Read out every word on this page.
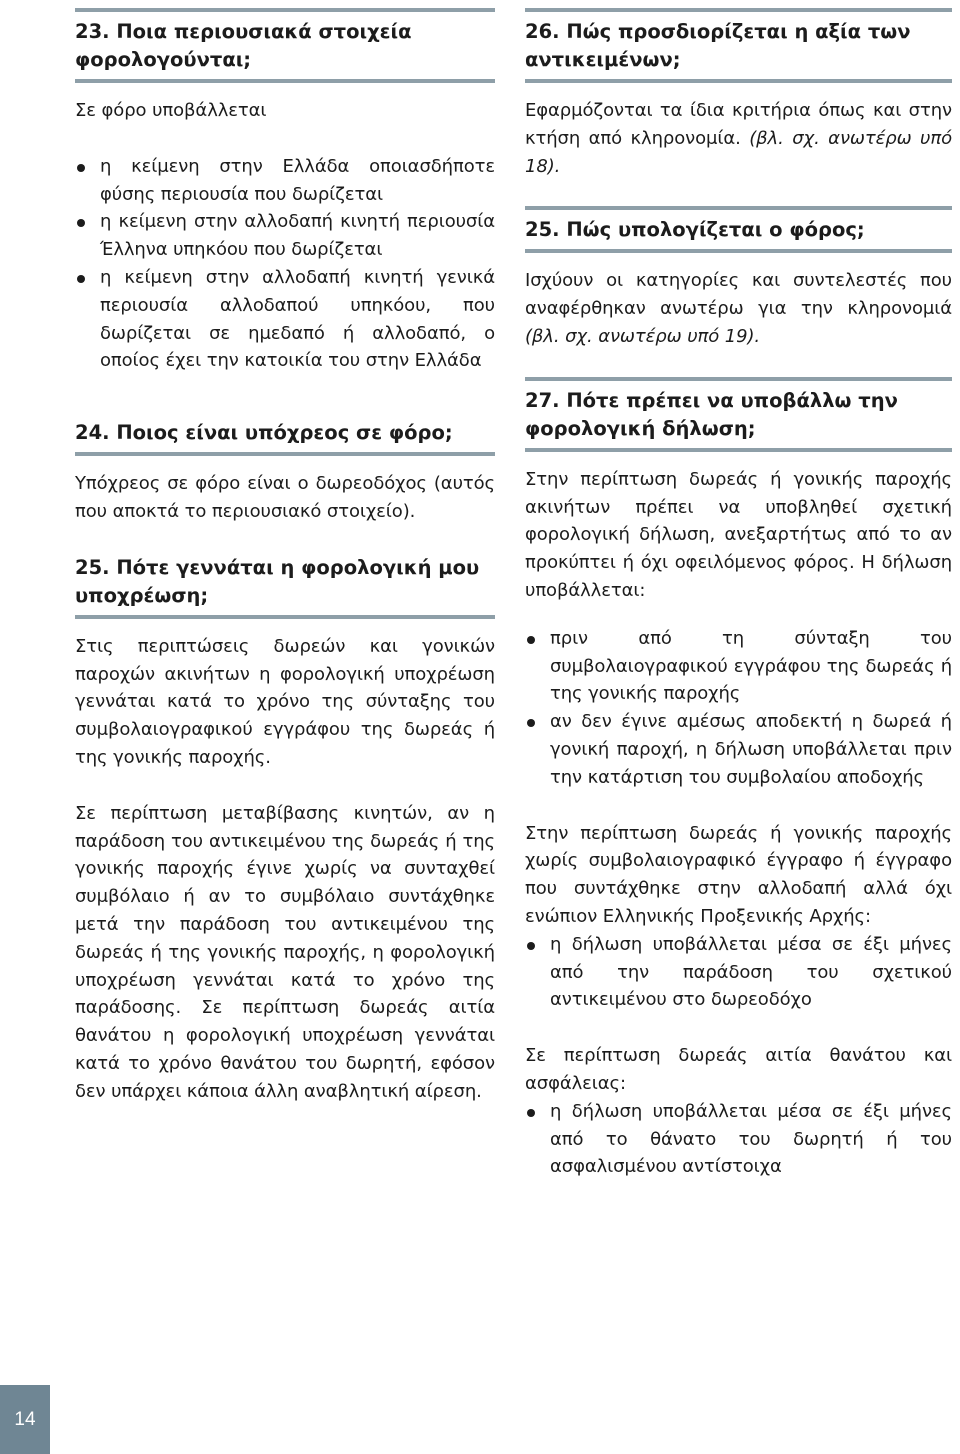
23. Ποια περιουσιακά στοιχεία φορολογούνται;

Σε φόρο υποβάλλεται

η κείμενη στην Ελλάδα οποιασδήποτε φύσης περιουσία που δωρίζεται
η κείμενη στην αλλοδαπή κινητή περιουσία Έλληνα υπηκόου που δωρίζεται
η κείμενη στην αλλοδαπή κινητή γενικά περιουσία αλλοδαπού υπηκόου, που δωρίζεται σε ημεδαπό ή αλλοδαπό, ο οποίος έχει την κατοικία του στην Ελλάδα
24. Ποιος είναι υπόχρεος σε φόρο;

Υπόχρεος σε φόρο είναι ο δωρεοδόχος (αυτός που αποκτά το περιουσιακό στοιχείο).

25. Πότε γεννάται η φορολογική μου υποχρέωση;

Στις περιπτώσεις δωρεών και γονικών παροχών ακινήτων η φορολογική υποχρέωση γεννάται κατά το χρόνο της σύνταξης του συμβολαιογραφικού εγγράφου της δωρεάς ή της γονικής παροχής.

Σε περίπτωση μεταβίβασης κινητών, αν η παράδοση του αντικειμένου της δωρεάς ή της γονικής παροχής έγινε χωρίς να συνταχθεί συμβόλαιο ή αν το συμβόλαιο συντάχθηκε μετά την παράδοση του αντικειμένου της δωρεάς ή της γονικής παροχής, η φορολογική υποχρέωση γεννάται κατά το χρόνο της παράδοσης. Σε περίπτωση δωρεάς αιτία θανάτου η φορολογική υποχρέωση γεννάται κατά το χρόνο θανάτου του δωρητή, εφόσον δεν υπάρχει κάποια άλλη αναβλητική αίρεση.

26. Πώς προσδιορίζεται η αξία των αντικειμένων;

Εφαρμόζονται τα ίδια κριτήρια όπως και στην κτήση από κληρονομία. (βλ. σχ. ανωτέρω υπό 18).

25. Πώς υπολογίζεται ο φόρος;

Ισχύουν οι κατηγορίες και συντελεστές που αναφέρθηκαν ανωτέρω για την κληρονομιά (βλ. σχ. ανωτέρω υπό 19).

27. Πότε πρέπει να υποβάλλω την φορολογική δήλωση;

Στην περίπτωση δωρεάς ή γονικής παροχής ακινήτων πρέπει να υποβληθεί σχετική φορολογική δήλωση, ανεξαρτήτως από το αν προκύπτει ή όχι οφειλόμενος φόρος. Η δήλωση υποβάλλεται:

πριν από τη σύνταξη του συμβολαιογραφικού εγγράφου της δωρεάς ή της γονικής παροχής
αν δεν έγινε αμέσως αποδεκτή η δωρεά ή γονική παροχή, η δήλωση υποβάλλεται πριν την κατάρτιση του συμβολαίου αποδοχής

Στην περίπτωση δωρεάς ή γονικής παροχής χωρίς συμβολαιογραφικό έγγραφο ή έγγραφο που συντάχθηκε στην αλλοδαπή αλλά όχι ενώπιον Ελληνικής Προξενικής Αρχής:

η δήλωση υποβάλλεται μέσα σε έξι μήνες από την παράδοση του σχετικού αντικειμένου στο δωρεοδόχο

Σε περίπτωση δωρεάς αιτία θανάτου και ασφάλειας:

η δήλωση υποβάλλεται μέσα σε έξι μήνες από το θάνατο του δωρητή ή του ασφαλισμένου αντίστοιχα
14
